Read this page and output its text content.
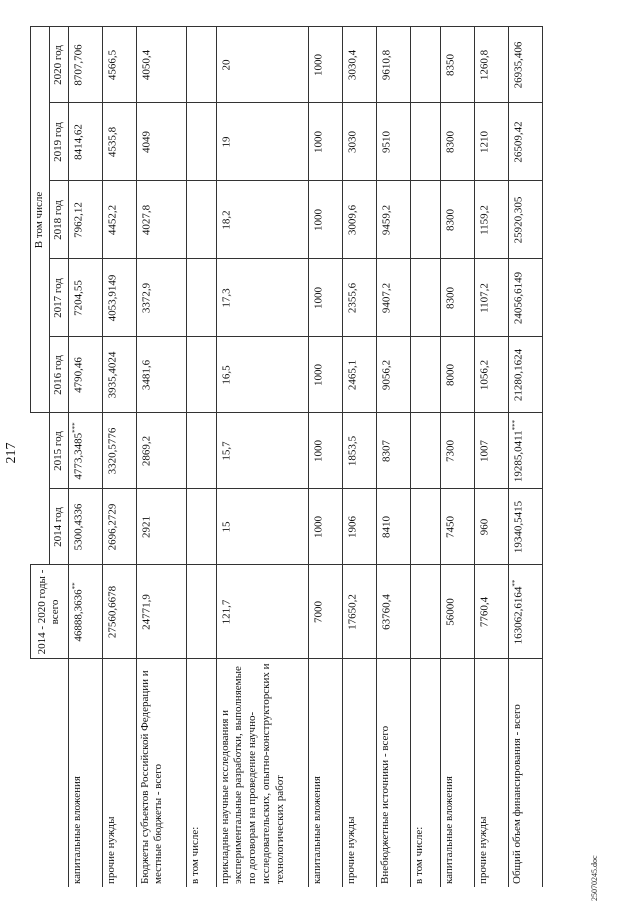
217
25070245.doc
	2014 - 2020 годы - всего			В том числе				
		2014 год	2015 год	2016 год	2017 год	2018 год	2019 год	2020 год
капитальные вложения	46888,3636**	5300,4336	4773,3485***	4790,46	7204,55	7962,12	8414,62	8707,706
прочие нужды	27560,6678	2696,2729	3320,5776	3935,4024	4053,9149	4452,2	4535,8	4566,5
Бюджеты субъектов Российской Федерации и местные бюджеты - всего	24771,9	2921	2869,2	3481,6	3372,9	4027,8	4049	4050,4
в том числе:								
прикладные научные исследования и экспериментальные разработки, выполняемые по договорам на проведение научно-исследовательских, опытно-конструкторских и технологических работ	121,7	15	15,7	16,5	17,3	18,2	19	20
капитальные вложения	7000	1000	1000	1000	1000	1000	1000	1000
прочие нужды	17650,2	1906	1853,5	2465,1	2355,6	3009,6	3030	3030,4
Внебюджетные источники - всего	63760,4	8410	8307	9056,2	9407,2	9459,2	9510	9610,8
в том числе:								
капитальные вложения	56000	7450	7300	8000	8300	8300	8300	8350
прочие нужды	7760,4	960	1007	1056,2	1107,2	1159,2	1210	1260,8
Общий объем финансирования - всего	163062,6164**	19340,5415	19285,0411***	21280,1624	24056,6149	25920,305	26509,42	26935,406
